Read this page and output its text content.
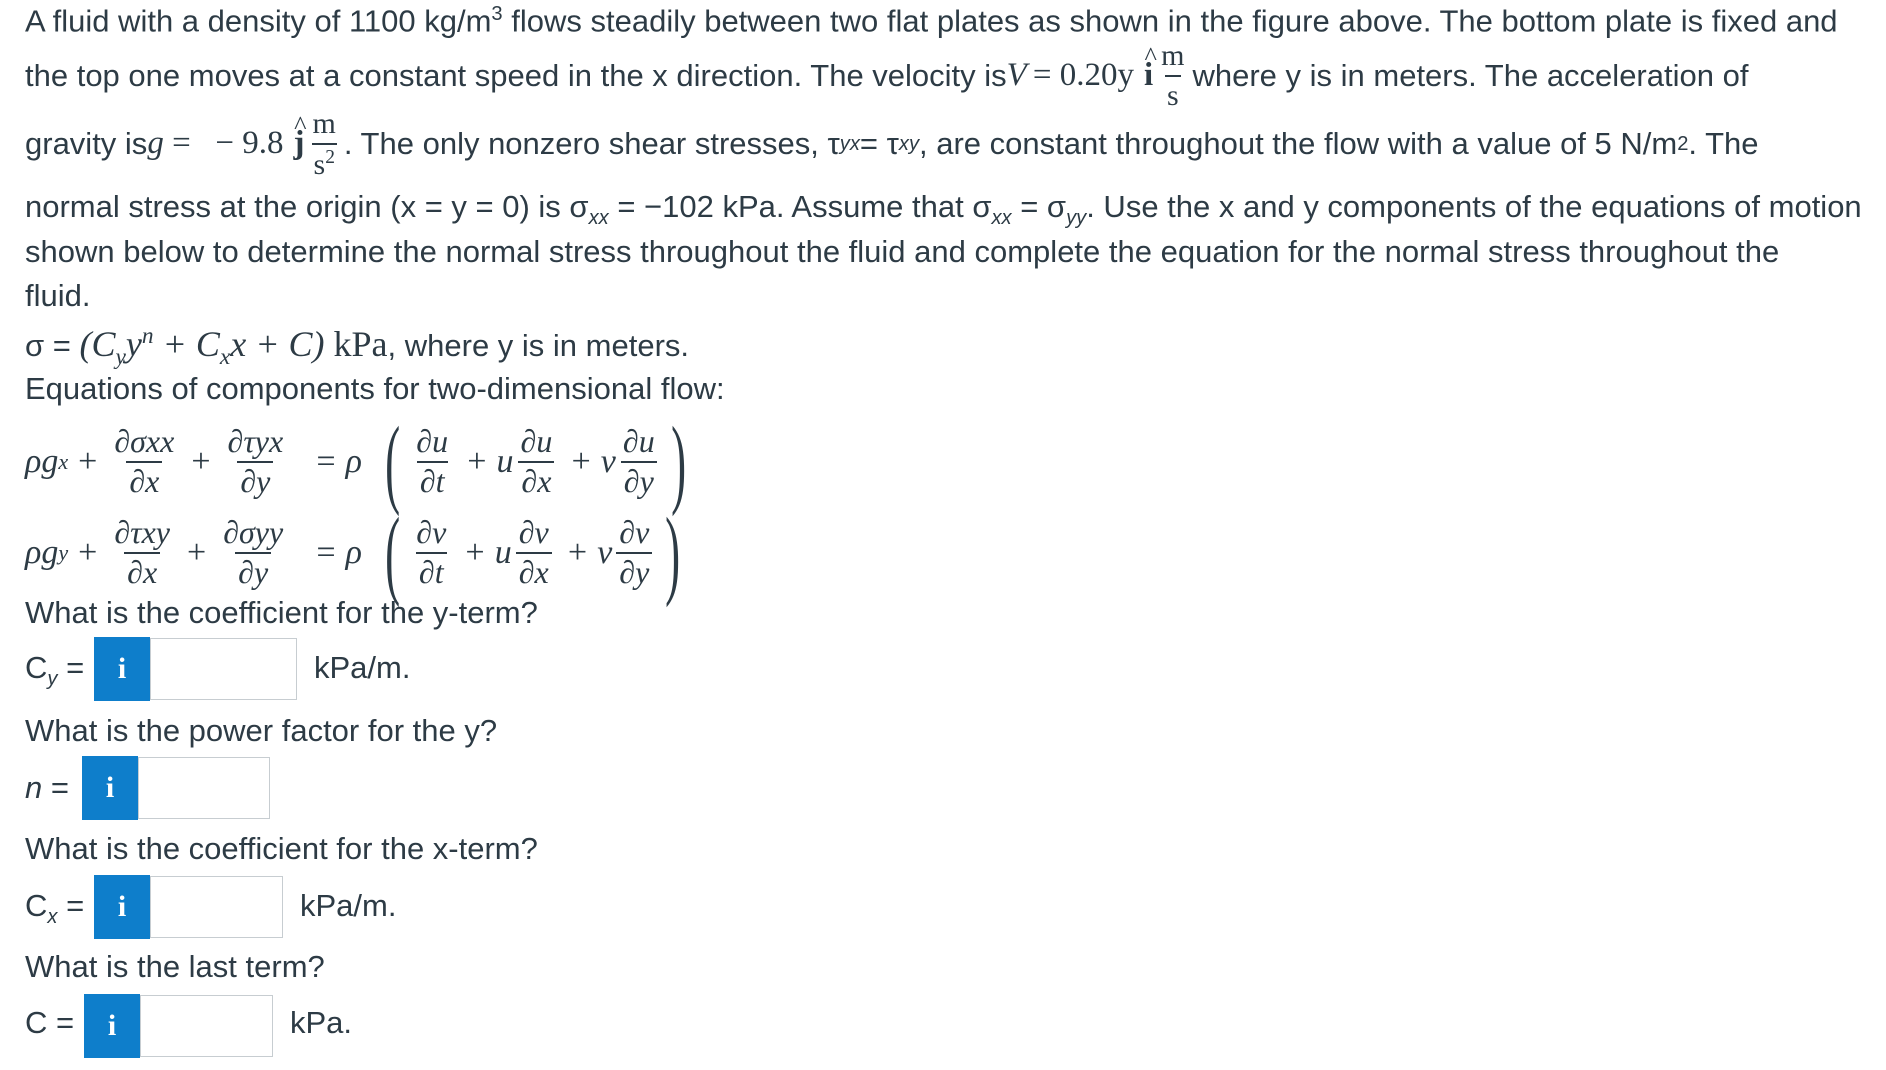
A fluid with a density of 1100 $kg/m^3$ flows steadily between two flat plates as shown in the figure above. The bottom plate is fixed and
the top one moves at a constant speed in the x direction. The velocity is V = 0.20y ^ i $\frac{m}{s}$ where y is in meters. The acceleration of
gravity is g =   − 9.8 ^ j $\frac{m}{s^2}$ . The only nonzero shear stresses, τ yx = τ xy , are constant throughout the flow with a value of 5 N/m 2 . The
normal stress at the origin (x = y = 0) is $\sigma_{xx} = -102$ kPa. Assume that $\sigma_{xx} = \sigma_{yy}$. Use the x and y components of the equations of motion
shown below to determine the normal stress throughout the fluid and complete the equation for the normal stress throughout the
fluid.
$\sigma = (C_yy^n + C_xx + C)$ kPa , where y is in meters.
Equations of components for two-dimensional flow:
ρg $x + \frac{\text{∂σxx}}{\partial x} + \frac{\text{∂τyx}}{\partial y} = \rho$ ( $\frac{\partial u}{\partial t} + u \frac{\partial u}{\partial x} + v \frac{\partial u}{\partial y}$ )
ρg $y + \frac{\text{∂τxy}}{\partial x} + \frac{\text{∂σyy}}{\partial y} = \rho$ ( $\frac{\partial v}{\partial t} + u \frac{\partial v}{\partial x} + v \frac{\partial v}{\partial y}$ )
What is the coefficient for the y-term?
$C_y$ =	i	kPa/m.
What is the power factor for the y?
n =	i
What is the coefficient for the x-term?
$C_x$ =	i	kPa/m.
What is the last term?
C =	i	kPa.
